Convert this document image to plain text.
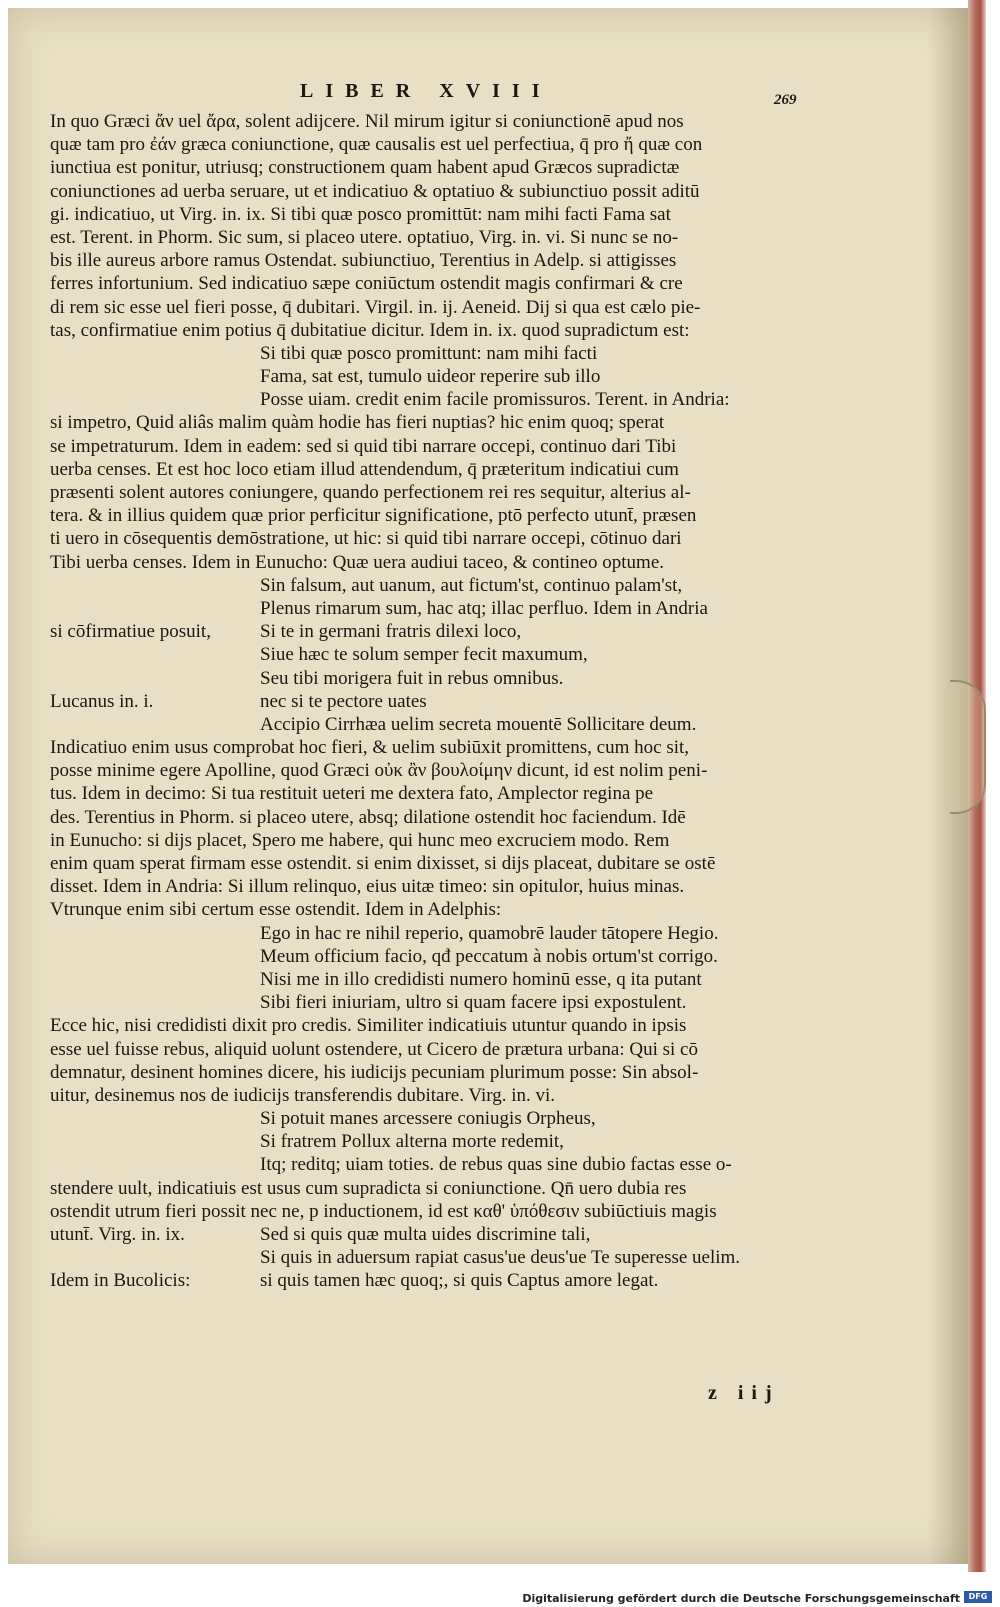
LIBER XVIII	269
In quo Græci ἄν uel ἄρα, solent adijcere. Nil mirum igitur si coniunctionē apud nos
quæ tam pro ἐάν græca coniunctione, quæ causalis est uel perfectiua, q̄ pro ἤ quæ con
iunctiua est ponitur, utriusq; constructionem quam habent apud Græcos supradictæ
coniunctiones ad uerba seruare, ut et indicatiuo & optatiuo & subiunctiuo possit aditū
gi. indicatiuo, ut Virg. in. ix. Si tibi quæ posco promittūt: nam mihi facti Fama sat
est. Terent. in Phorm. Sic sum, si placeo utere. optatiuo, Virg. in. vi. Si nunc se no-
bis ille aureus arbore ramus Ostendat. subiunctiuo, Terentius in Adelp. si attigisses
ferres infortunium. Sed indicatiuo sæpe coniūctum ostendit magis confirmari & cre
di rem sic esse uel fieri posse, q̄ dubitari. Virgil. in. ij. Aeneid. Dij si qua est cælo pie-
tas, confirmatiue enim potius q̄ dubitatiue dicitur. Idem in. ix. quod supradictum est:
Si tibi quæ posco promittunt: nam mihi facti
Fama, sat est, tumulo uideor reperire sub illo
Posse uiam. credit enim facile promissuros. Terent. in Andria:
si impetro, Quid aliâs malim quàm hodie has fieri nuptias? hic enim quoq; sperat
se impetraturum. Idem in eadem: sed si quid tibi narrare occepi, continuo dari Tibi
uerba censes. Et est hoc loco etiam illud attendendum, q̄ præteritum indicatiui cum
præsenti solent autores coniungere, quando perfectionem rei res sequitur, alterius al-
tera. & in illius quidem quæ prior perficitur significatione, ptō perfecto utunt̄, præsen
ti uero in cōsequentis demōstratione, ut hic: si quid tibi narrare occepi, cōtinuo dari
Tibi uerba censes. Idem in Eunucho: Quæ uera audiui taceo, & contineo optume.
Sin falsum, aut uanum, aut fictum'st, continuo palam'st,
Plenus rimarum sum, hac atq; illac perfluo. Idem in Andria
si cōfirmatiue posuit,	Si te in germani fratris dilexi loco,
Siue hæc te solum semper fecit maxumum,
Seu tibi morigera fuit in rebus omnibus.
Lucanus in. i.	nec si te pectore uates
Accipio Cirrhæa uelim secreta mouentē Sollicitare deum.
Indicatiuo enim usus comprobat hoc fieri, & uelim subiūxit promittens, cum hoc sit,
posse minime egere Apolline, quod Græci οὐκ ἂν βουλοίμην dicunt, id est nolim peni-
tus. Idem in decimo: Si tua restituit ueteri me dextera fato, Amplector regina pe
des. Terentius in Phorm. si placeo utere, absq; dilatione ostendit hoc faciendum. Idē
in Eunucho: si dijs placet, Spero me habere, qui hunc meo excruciem modo. Rem
enim quam sperat firmam esse ostendit. si enim dixisset, si dijs placeat, dubitare se ostē
disset. Idem in Andria: Si illum relinquo, eius uitæ timeo: sin opitulor, huius minas.
Vtrunque enim sibi certum esse ostendit. Idem in Adelphis:
Ego in hac re nihil reperio, quamobrē lauder tātopere Hegio.
Meum officium facio, qđ peccatum à nobis ortum'st corrigo.
Nisi me in illo credidisti numero hominū esse, q ita putant
Sibi fieri iniuriam, ultro si quam facere ipsi expostulent.
Ecce hic, nisi credidisti dixit pro credis. Similiter indicatiuis utuntur quando in ipsis
esse uel fuisse rebus, aliquid uolunt ostendere, ut Cicero de prætura urbana: Qui si cō
demnatur, desinent homines dicere, his iudicijs pecuniam plurimum posse: Sin absol-
uitur, desinemus nos de iudicijs transferendis dubitare. Virg. in. vi.
Si potuit manes arcessere coniugis Orpheus,
Si fratrem Pollux alterna morte redemit,
Itq; reditq; uiam toties. de rebus quas sine dubio factas esse o-
stendere uult, indicatiuis est usus cum supradicta si coniunctione. Qn̄ uero dubia res
ostendit utrum fieri possit nec ne, p inductionem, id est καθ' ὑπόθεσιν subiūctiuis magis
utunt̄. Virg. in. ix.	Sed si quis quæ multa uides discrimine tali,
Si quis in aduersum rapiat casus'ue deus'ue Te superesse uelim.
Idem in Bucolicis:	si quis tamen hæc quoq;, si quis Captus amore legat.
z iij
Digitalisierung gefördert durch die Deutsche Forschungsgemeinschaft	DFG
